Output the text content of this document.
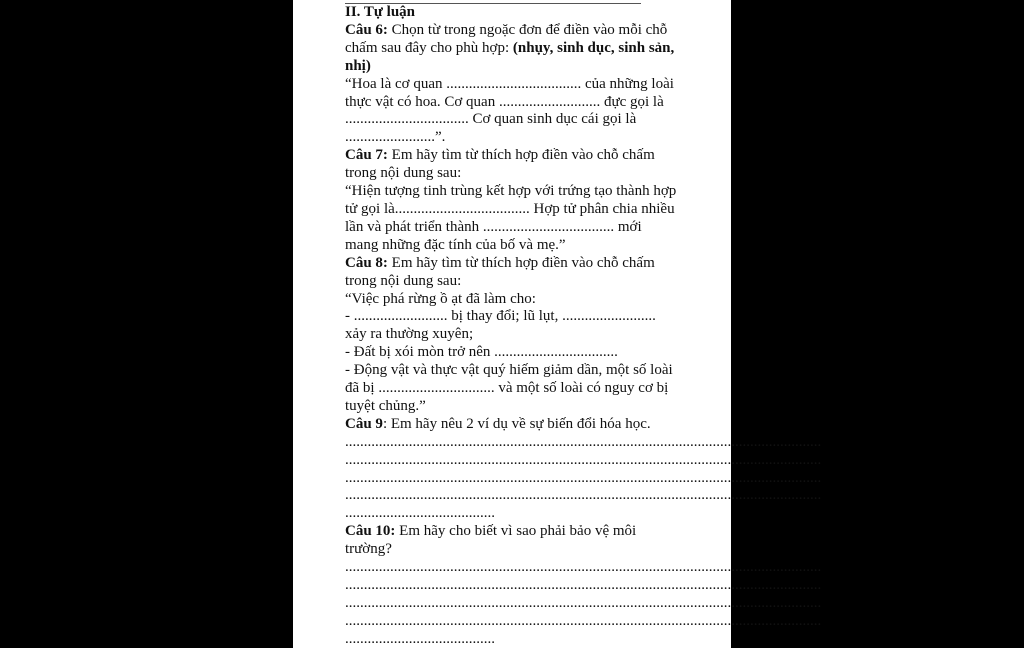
II. Tự luận

Câu 6: Chọn từ trong ngoặc đơn để điền vào mỗi chỗ

chấm sau đây cho phù hợp: (nhụy, sinh dục, sinh sản,

nhị)

“Hoa là cơ quan .................................... của những loài

thực vật có hoa. Cơ quan ........................... đực gọi là

................................. Cơ quan sinh dục cái gọi là

........................”.

Câu 7: Em hãy tìm từ thích hợp điền vào chỗ chấm

trong nội dung sau:

“Hiện tượng tinh trùng kết hợp với trứng tạo thành hợp

tử gọi là.................................... Hợp tử phân chia nhiều

lần và phát triển thành ................................... mới

mang những đặc tính của bố và mẹ.”

Câu 8: Em hãy tìm từ thích hợp điền vào chỗ chấm

trong nội dung sau:

“Việc phá rừng ồ ạt đã làm cho:

- ......................... bị thay đổi; lũ lụt, .........................

xảy ra thường xuyên;

- Đất bị xói mòn trở nên .................................

- Động vật và thực vật quý hiếm giảm dần, một số loài

đã bị ............................... và một số loài có nguy cơ bị

tuyệt chủng.”

Câu 9: Em hãy nêu 2 ví dụ về sự biến đổi hóa học.

...............................................................................................................................

...............................................................................................................................

...............................................................................................................................

...............................................................................................................................

........................................

Câu 10: Em hãy cho biết vì sao phải bảo vệ môi

trường?

...............................................................................................................................

...............................................................................................................................

...............................................................................................................................

...............................................................................................................................

........................................
